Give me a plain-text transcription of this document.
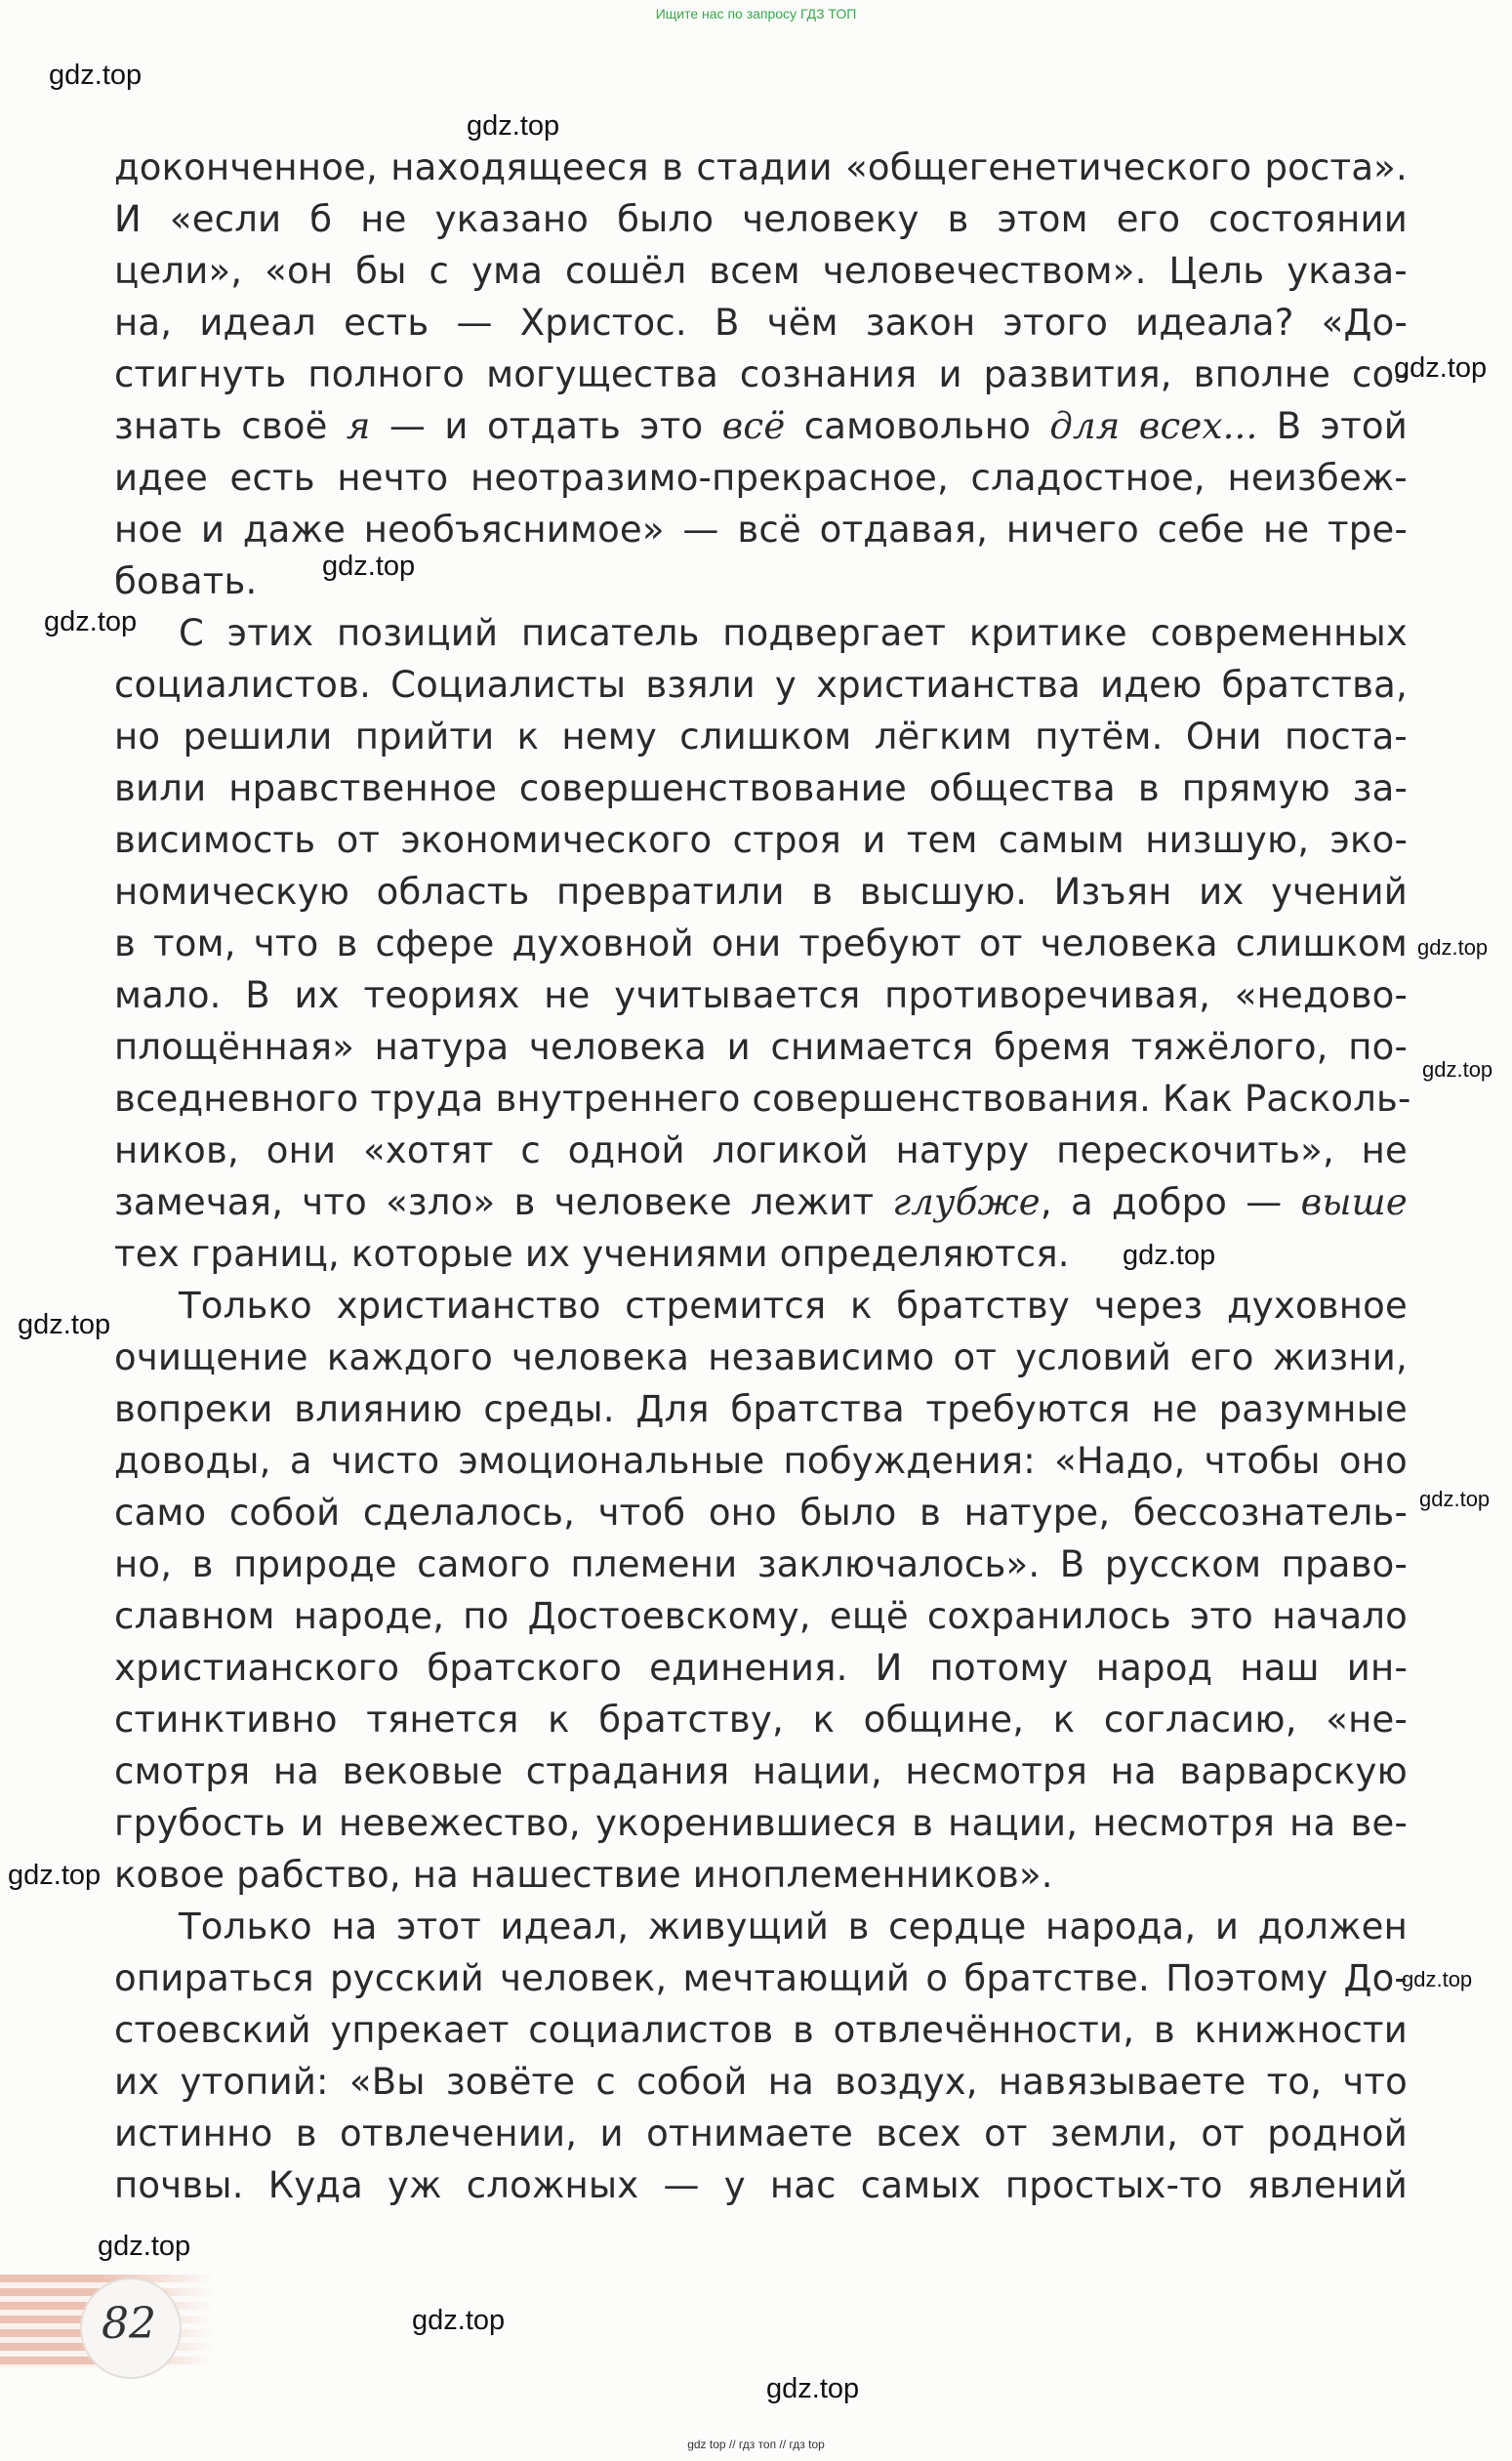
Ищите нас по запросу ГДЗ ТОП
gdz.top
gdz.top
gdz.top
gdz.top
gdz.top
gdz.top
gdz.top
gdz.top
gdz.top
gdz.top
gdz.top
gdz.top
gdz.top
gdz.top
gdz.top
доконченное, находящееся в стадии «общегенетического роста».
И «если б не указано было человеку в этом его состоянии
цели», «он бы с ума сошёл всем человечеством». Цель указа-
на, идеал есть — Христос. В чём закон этого идеала? «До-
стигнуть полного могущества сознания и развития, вполне со-
знать своё я — и отдать это всё самовольно для всех... В этой
идее есть нечто неотразимо-прекрасное, сладостное, неизбеж-
ное и даже необъяснимое» — всё отдавая, ничего себе не тре-
бовать.
С этих позиций писатель подвергает критике современных
социалистов. Социалисты взяли у христианства идею братства,
но решили прийти к нему слишком лёгким путём. Они поста-
вили нравственное совершенствование общества в прямую за-
висимость от экономического строя и тем самым низшую, эко-
номическую область превратили в высшую. Изъян их учений
в том, что в сфере духовной они требуют от человека слишком
мало. В их теориях не учитывается противоречивая, «недово-
площённая» натура человека и снимается бремя тяжёлого, по-
вседневного труда внутреннего совершенствования. Как Расколь-
ников, они «хотят с одной логикой натуру перескочить», не
замечая, что «зло» в человеке лежит глубже, а добро — выше
тех границ, которые их учениями определяются.
Только христианство стремится к братству через духовное
очищение каждого человека независимо от условий его жизни,
вопреки влиянию среды. Для братства требуются не разумные
доводы, а чисто эмоциональные побуждения: «Надо, чтобы оно
само собой сделалось, чтоб оно было в натуре, бессознатель-
но, в природе самого племени заключалось». В русском право-
славном народе, по Достоевскому, ещё сохранилось это начало
христианского братского единения. И потому народ наш ин-
стинктивно тянется к братству, к общине, к согласию, «не-
смотря на вековые страдания нации, несмотря на варварскую
грубость и невежество, укоренившиеся в нации, несмотря на ве-
ковое рабство, на нашествие иноплеменников».
Только на этот идеал, живущий в сердце народа, и должен
опираться русский человек, мечтающий о братстве. Поэтому До-
стоевский упрекает социалистов в отвлечённости, в книжности
их утопий: «Вы зовёте с собой на воздух, навязываете то, что
истинно в отвлечении, и отнимаете всех от земли, от родной
почвы. Куда уж сложных — у нас самых простых-то явлений
82
gdz top // гдз топ // гдз top
